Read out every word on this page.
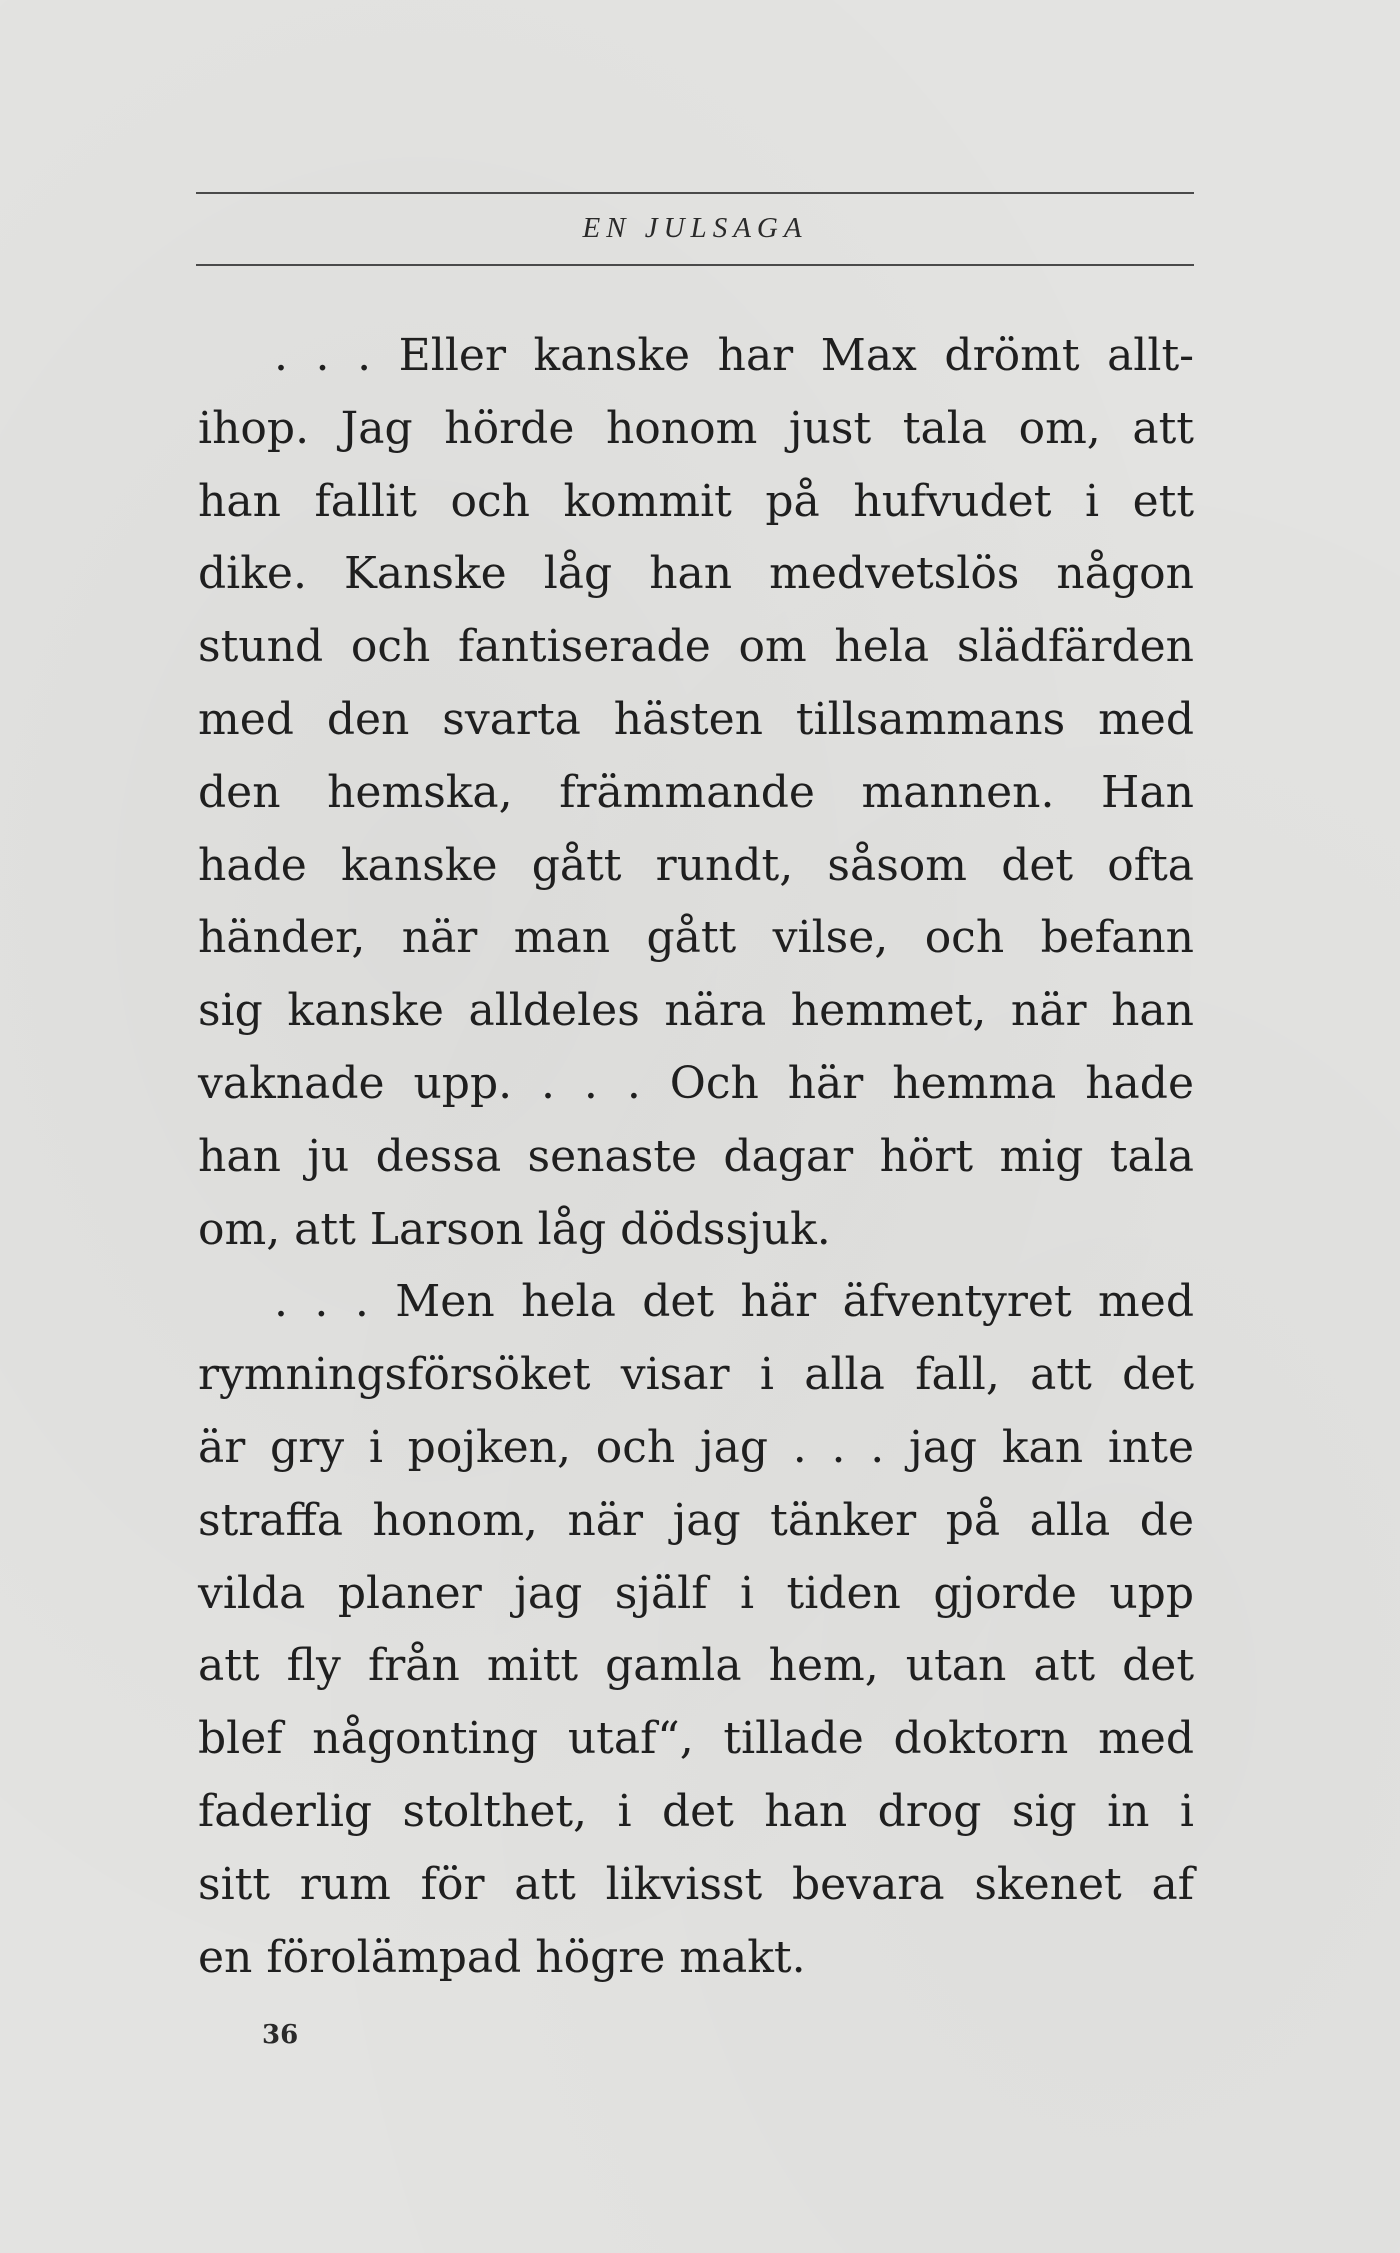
EN JULSAGA
. . . Eller kanske har Max drömt allt-
ihop. Jag hörde honom just tala om, att
han fallit och kommit på hufvudet i ett
dike. Kanske låg han medvetslös någon
stund och fantiserade om hela slädfärden
med den svarta hästen tillsammans med
den hemska, främmande mannen. Han
hade kanske gått rundt, såsom det ofta
händer, när man gått vilse, och befann
sig kanske alldeles nära hemmet, när han
vaknade upp. . . . Och här hemma hade
han ju dessa senaste dagar hört mig tala
om, att Larson låg dödssjuk.
. . . Men hela det här äfventyret med
rymningsförsöket visar i alla fall, att det
är gry i pojken, och jag . . . jag kan inte
straffa honom, när jag tänker på alla de
vilda planer jag själf i tiden gjorde upp
att fly från mitt gamla hem, utan att det
blef någonting utaf“, tillade doktorn med
faderlig stolthet, i det han drog sig in i
sitt rum för att likvisst bevara skenet af
en förolämpad högre makt.
36
